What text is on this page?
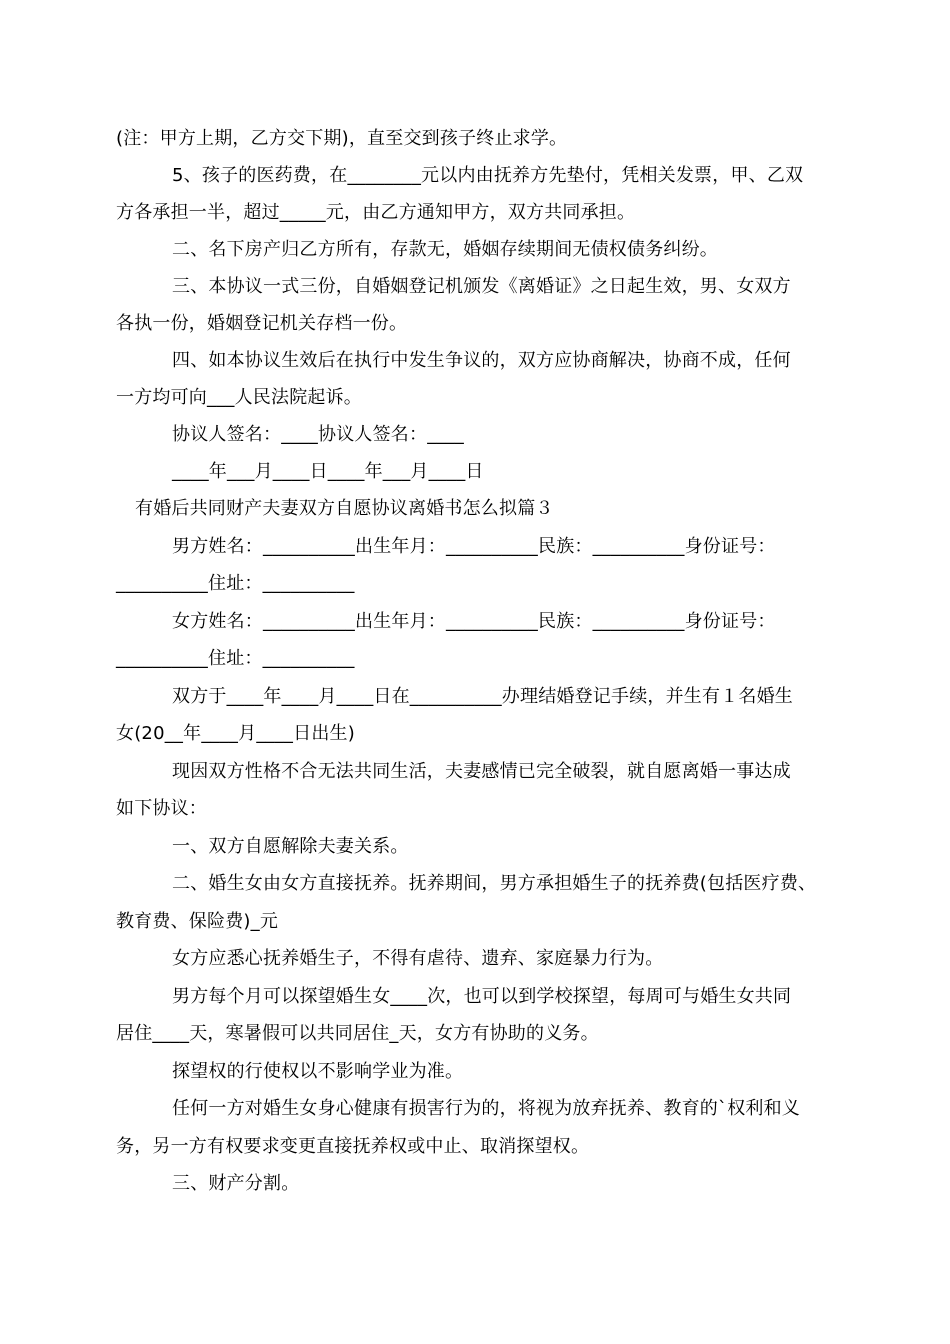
(注：甲方上期，乙方交下期)，直至交到孩子终止求学。
5、孩子的医药费，在________元以内由抚养方先垫付，凭相关发票，甲、乙双
方各承担一半，超过_____元，由乙方通知甲方，双方共同承担。
二、名下房产归乙方所有，存款无，婚姻存续期间无债权债务纠纷。
三、本协议一式三份，自婚姻登记机颁发《离婚证》之日起生效，男、女双方
各执一份，婚姻登记机关存档一份。
四、如本协议生效后在执行中发生争议的，双方应协商解决，协商不成，任何
一方均可向___人民法院起诉。
协议人签名：____协议人签名：____
____年___月____日____年___月____日
有婚后共同财产夫妻双方自愿协议离婚书怎么拟篇３
男方姓名：__________出生年月：__________民族：__________身份证号：
__________住址：__________
女方姓名：__________出生年月：__________民族：__________身份证号：
__________住址：__________
双方于____年____月____日在__________办理结婚登记手续，并生有１名婚生
女(20__年____月____日出生)
现因双方性格不合无法共同生活，夫妻感情已完全破裂，就自愿离婚一事达成
如下协议：
一、双方自愿解除夫妻关系。
二、婚生女由女方直接抚养。抚养期间，男方承担婚生子的抚养费(包括医疗费、
教育费、保险费)_元
女方应悉心抚养婚生子，不得有虐待、遗弃、家庭暴力行为。
男方每个月可以探望婚生女____次，也可以到学校探望，每周可与婚生女共同
居住____天，寒暑假可以共同居住_天，女方有协助的义务。
探望权的行使权以不影响学业为准。
任何一方对婚生女身心健康有损害行为的，将视为放弃抚养、教育的`权利和义
务，另一方有权要求变更直接抚养权或中止、取消探望权。
三、财产分割。
